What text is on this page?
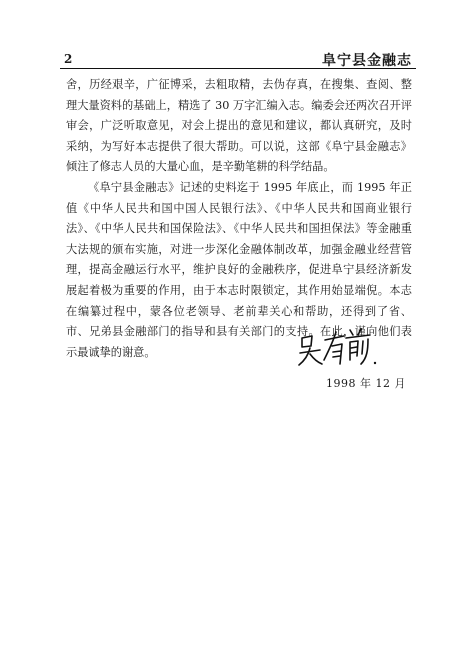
2	阜宁县金融志

舍，历经艰辛，广征博采，去粗取精，去伪存真，在搜集、查阅、整理大量资料的基础上，精选了 30 万字汇编入志。编委会还两次召开评审会，广泛听取意见，对会上提出的意见和建议，都认真研究，及时采纳，为写好本志提供了很大帮助。可以说，这部《阜宁县金融志》倾注了修志人员的大量心血，是辛勤笔耕的科学结晶。

《阜宁县金融志》记述的史料迄于 1995 年底止，而 1995 年正值《中华人民共和国中国人民银行法》、《中华人民共和国商业银行法》、《中华人民共和国保险法》、《中华人民共和国担保法》等金融重大法规的颁布实施，对进一步深化金融体制改革，加强金融业经营管理，提高金融运行水平，维护良好的金融秩序，促进阜宁县经济新发展起着极为重要的作用，由于本志时限锁定，其作用始显端倪。本志在编纂过程中，蒙各位老领导、老前辈关心和帮助，还得到了省、市、兄弟县金融部门的指导和县有关部门的支持。在此，谨向他们表示最诚挚的谢意。

1998 年 12 月
